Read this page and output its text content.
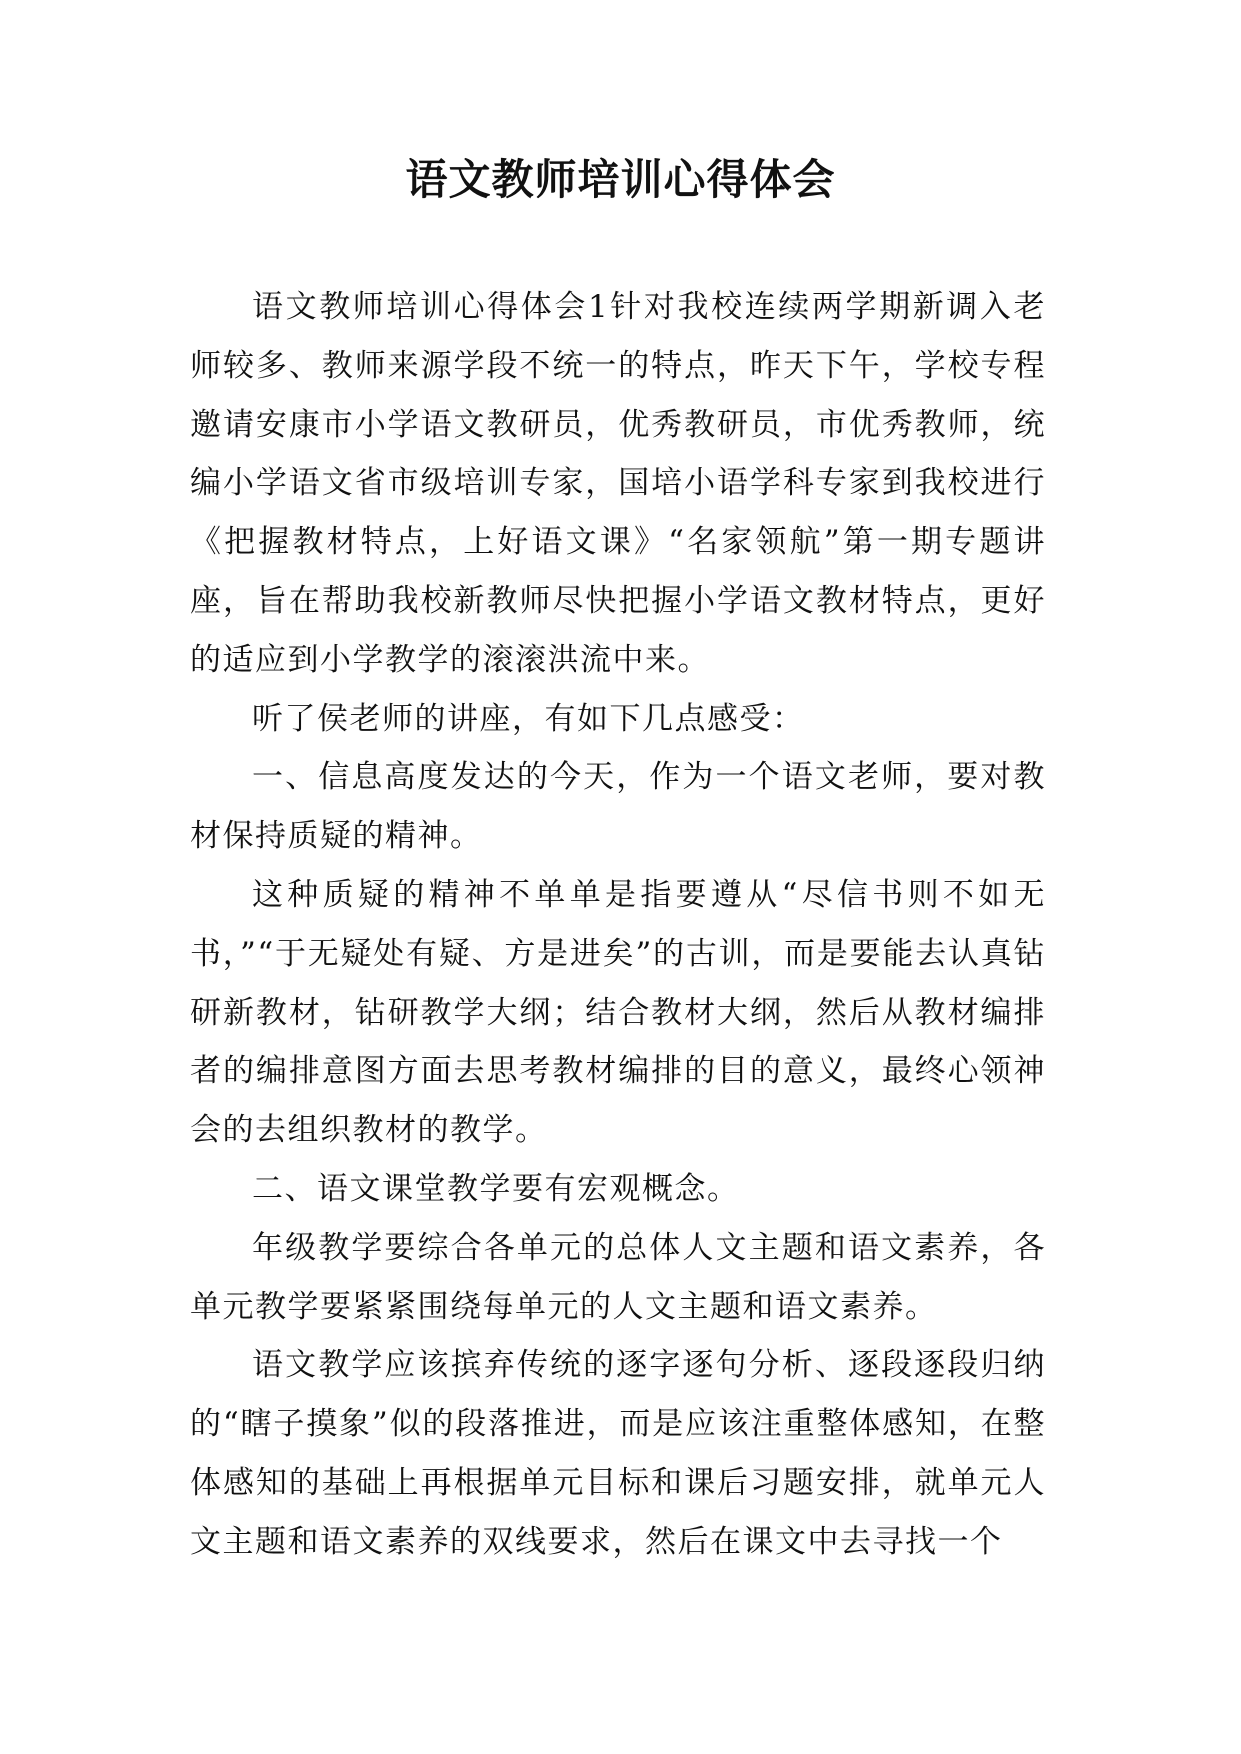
语文教师培训心得体会

语文教师培训心得体会1针对我校连续两学期新调入老师较多、教师来源学段不统一的特点，昨天下午，学校专程邀请安康市小学语文教研员，优秀教研员，市优秀教师，统编小学语文省市级培训专家，国培小语学科专家到我校进行《把握教材特点，上好语文课》“名家领航”第一期专题讲座，旨在帮助我校新教师尽快把握小学语文教材特点，更好的适应到小学教学的滚滚洪流中来。

听了侯老师的讲座，有如下几点感受：

一、信息高度发达的今天，作为一个语文老师，要对教材保持质疑的精神。

这种质疑的精神不单单是指要遵从“尽信书则不如无书，”“于无疑处有疑、方是进矣”的古训，而是要能去认真钻研新教材，钻研教学大纲；结合教材大纲，然后从教材编排者的编排意图方面去思考教材编排的目的意义，最终心领神会的去组织教材的教学。

二、语文课堂教学要有宏观概念。

年级教学要综合各单元的总体人文主题和语文素养，各单元教学要紧紧围绕每单元的人文主题和语文素养。

语文教学应该摈弃传统的逐字逐句分析、逐段逐段归纳的“瞎子摸象”似的段落推进，而是应该注重整体感知，在整体感知的基础上再根据单元目标和课后习题安排，就单元人文主题和语文素养的双线要求，然后在课文中去寻找一个
